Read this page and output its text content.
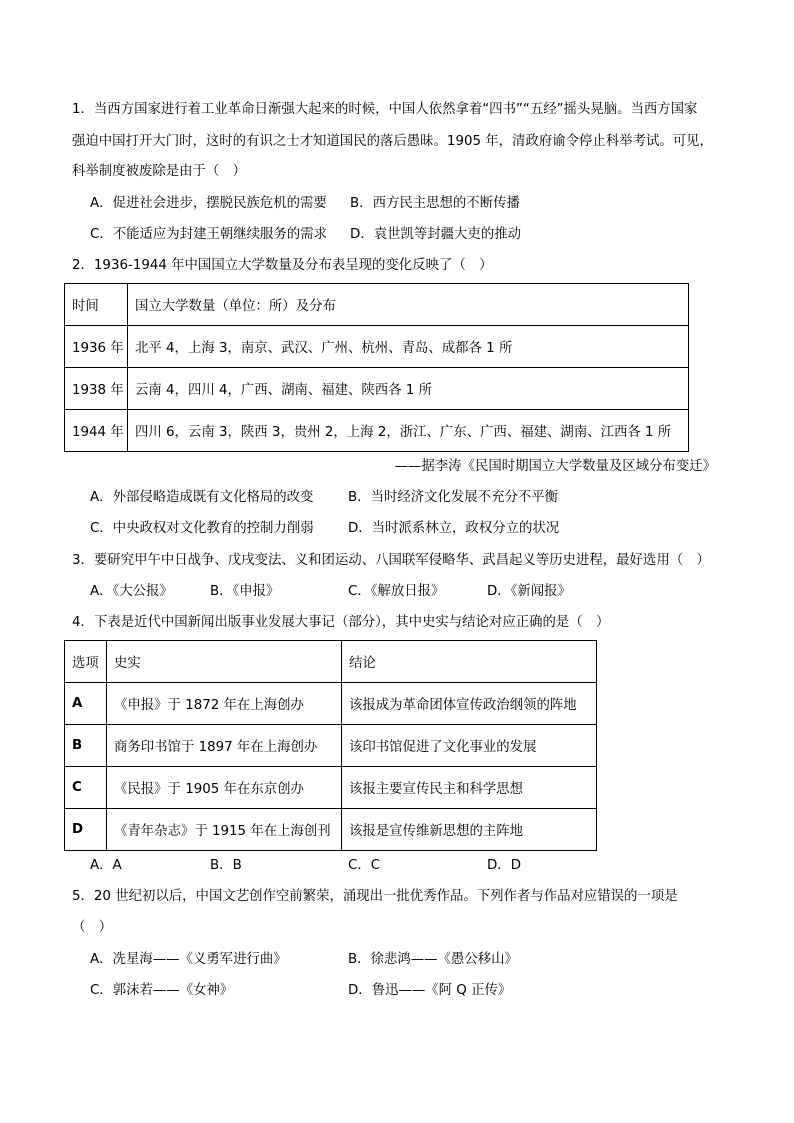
1．当西方国家进行着工业革命日渐强大起来的时候，中国人依然拿着“四书”“五经”摇头晃脑。当西方国家
强迫中国打开大门时，这时的有识之士才知道国民的落后愚昧。1905 年，清政府谕令停止科举考试。可见，
科举制度被废除是由于（　）
A．促进社会进步，摆脱民族危机的需要 B．西方民主思想的不断传播
C．不能适应为封建王朝继续服务的需求 D．袁世凯等封疆大吏的推动
2．1936-1944 年中国国立大学数量及分布表呈现的变化反映了（　）
时间	国立大学数量（单位：所）及分布
1936 年	北平 4，上海 3，南京、武汉、广州、杭州、青岛、成都各 1 所
1938 年	云南 4，四川 4，广西、湖南、福建、陕西各 1 所
1944 年	四川 6，云南 3，陕西 3，贵州 2，上海 2，浙江、广东、广西、福建、湖南、江西各 1 所
——据李涛《民国时期国立大学数量及区域分布变迁》
A．外部侵略造成既有文化格局的改变	B．当时经济文化发展不充分不平衡
C．中央政权对文化教育的控制力削弱	D．当时派系林立，政权分立的状况
3．要研究甲午中日战争、戊戌变法、义和团运动、八国联军侵略华、武昌起义等历史进程，最好选用（　）
A．《大公报》	B．《申报》	C．《解放日报》	D．《新闻报》
4．下表是近代中国新闻出版事业发展大事记（部分），其中史实与结论对应正确的是（　）
选项	史实	结论
A	《申报》于 1872 年在上海创办	该报成为革命团体宣传政治纲领的阵地
B	商务印书馆于 1897 年在上海创办	该印书馆促进了文化事业的发展
C	《民报》于 1905 年在东京创办	该报主要宣传民主和科学思想
D	《青年杂志》于 1915 年在上海创刊	该报是宣传维新思想的主阵地
A．A	B．B	C．C	D．D
5．20 世纪初以后，中国文艺创作空前繁荣，涌现出一批优秀作品。下列作者与作品对应错误的一项是
（　）
A．冼星海——《义勇军进行曲》	B．徐悲鸿——《愚公移山》
C．郭沫若——《女神》	D．鲁迅——《阿 Q 正传》
